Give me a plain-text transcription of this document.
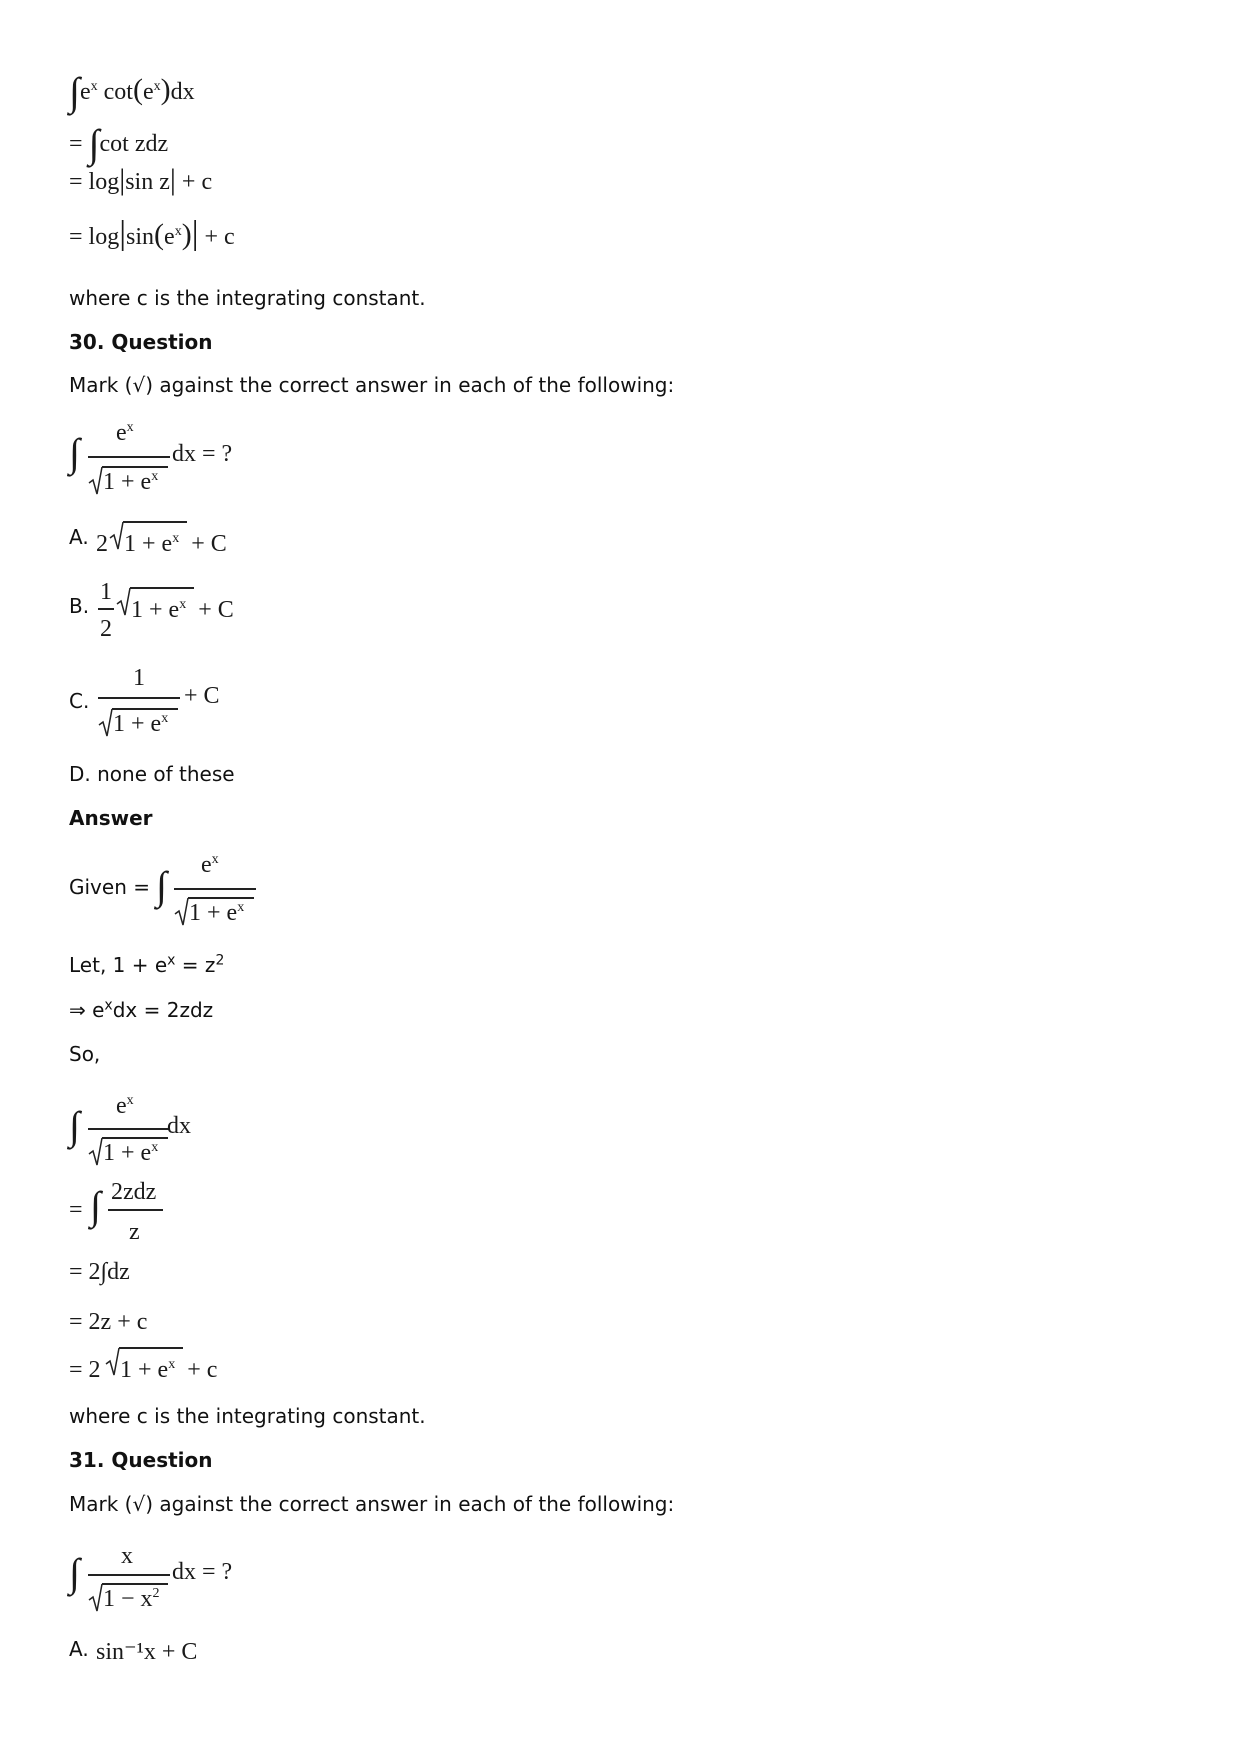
$\int e^x$ $\cot(e^x)dx$
= ∫cot zdz
= log|sin z| + c
= $\log|\sin(e^x)| + c$
where c is the integrating constant.
30. Question
Mark (√) against the correct answer in each of the following:
∫ $e^x$
$1 + e^x$
dx = ?
A. 2 $1 + e^x + C$
B.
1
2
$1 + e^x + C$
C.
1
$1 + e^x$
+ C
D. none of these
Answer
Given = ∫ $e^x$
$1 + e^x$
Let, $1 + e^x = z^2$
⇒ $e^xdx = 2zdz$
So,
∫ $e^x$
$1 + e^x$
dx
= ∫ 2zdz
z
= 2∫dz
= 2z + c
= 2 $1 + e^x + c$
where c is the integrating constant.
31. Question
Mark (√) against the correct answer in each of the following:
∫ x
$1 - x^2$
dx = ?
A. sin⁻¹x + C
